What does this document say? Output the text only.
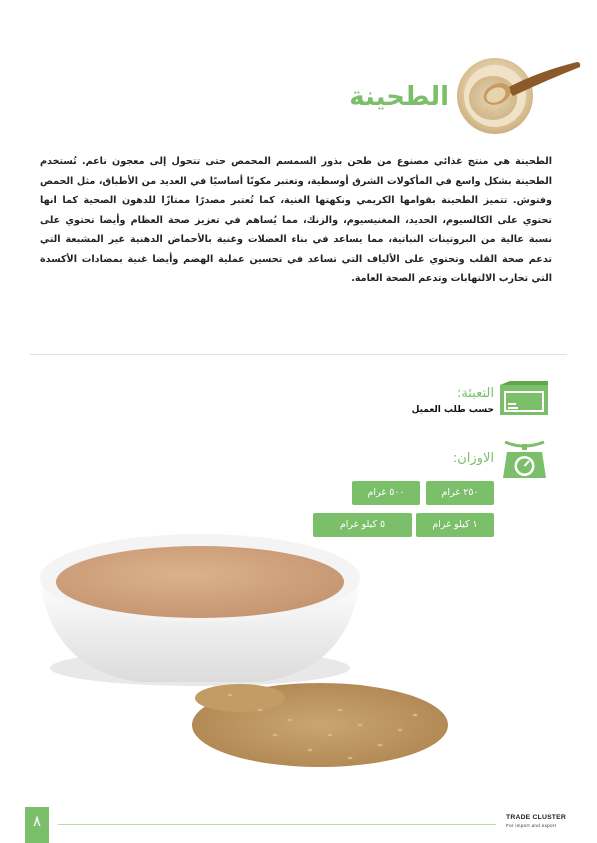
الطحينة
الطحينة هي منتج غذائي مصنوع من طحن بذور السمسم المحمص حتى تتحول إلى معجون ناعم. تُستخدم الطحينة بشكل واسع في المأكولات الشرق أوسطية، وتعتبر مكونًا أساسيًا في العديد من الأطباق، مثل الحمص وفتوش. تتميز الطحينة بقوامها الكريمي ونكهتها الغنية، كما تُعتبر مصدرًا ممتازًا للدهون الصحية كما انها تحتوي على الكالسيوم، الحديد، المغنيسيوم، والزنك، مما يُساهم في تعزيز صحة العظام وأيضا تحتوي على نسبة عالية من البروتينات النباتية، مما يساعد في بناء العضلات وغنية بالأحماض الدهنية غير المشبعة التي تدعم صحة القلب وتحتوي على الألياف التي تساعد في تحسين عملية الهضم وأيضا غنية بمضادات الأكسدة التي تحارب الالتهابات وتدعم الصحة العامة.
التعبئة:
حسب طلب العميل
الاوزان:
٢٥٠ غرام
٥٠٠ غرام
١ كيلو غرام
٥ كيلو غرام
٨	TRADE CLUSTER
For import and export
